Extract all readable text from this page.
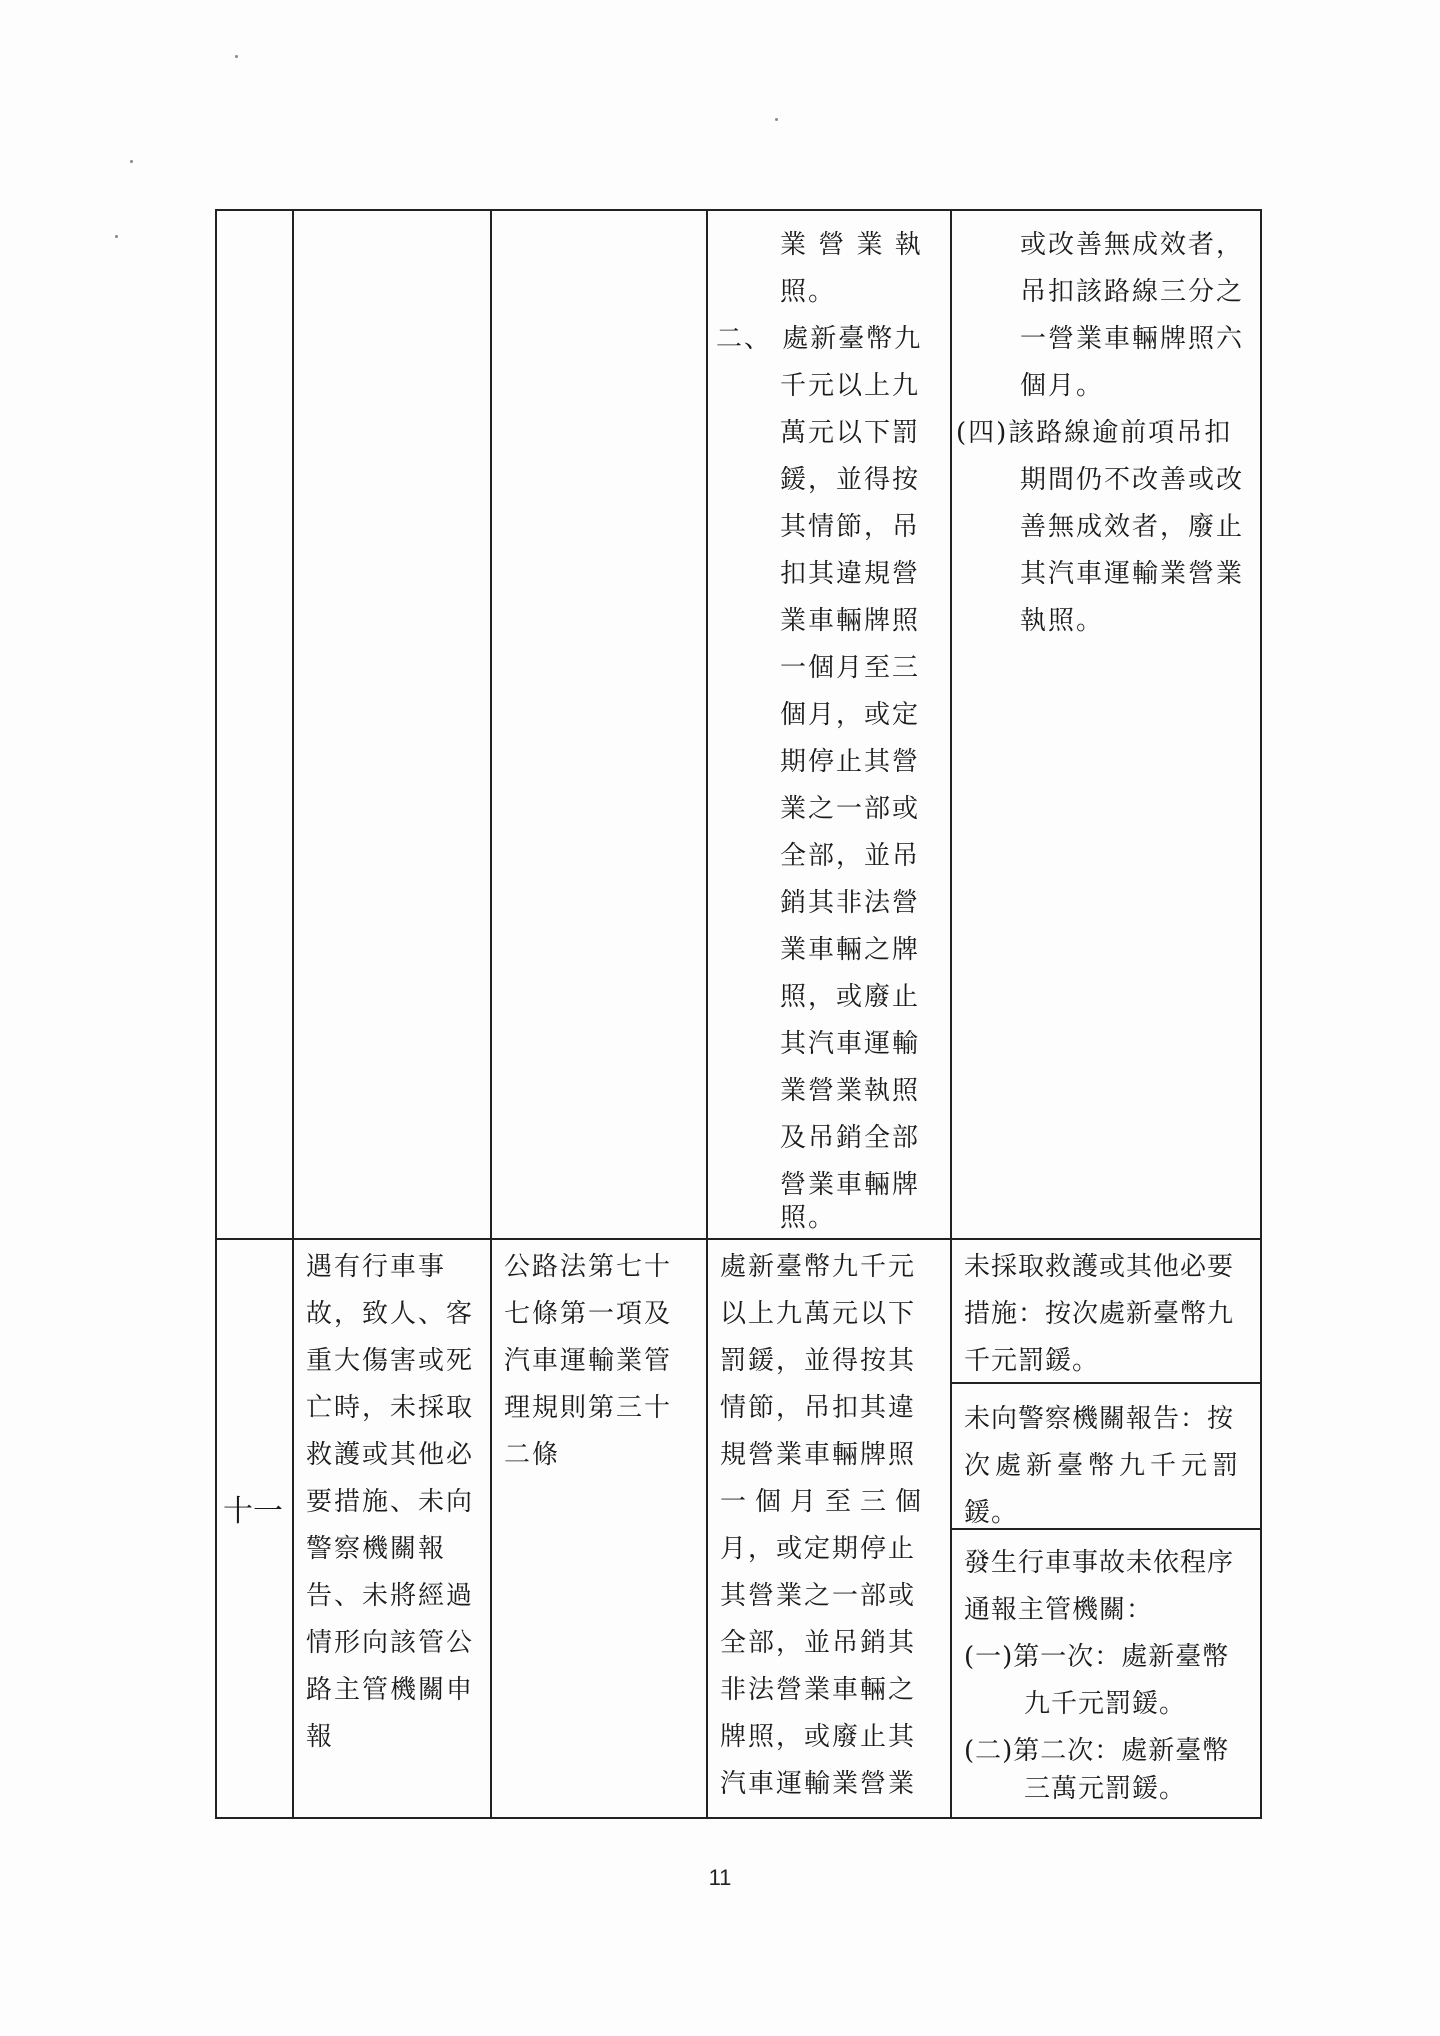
業 營 業 執
照。
二、 處新臺幣九
千元以上九
萬元以下罰
鍰，並得按
其情節，吊
扣其違規營
業車輛牌照
一個月至三
個月，或定
期停止其營
業之一部或
全部，並吊
銷其非法營
業車輛之牌
照，或廢止
其汽車運輸
業營業執照
及吊銷全部
營業車輛牌
照。
或改善無成效者，
吊扣該路線三分之
一營業車輛牌照六
個月。
(四)該路線逾前項吊扣
期間仍不改善或改
善無成效者，廢止
其汽車運輸業營業
執照。
十一
遇有行車事
故，致人、客
重大傷害或死
亡時，未採取
救護或其他必
要措施、未向
警察機關報
告、未將經過
情形向該管公
路主管機關申
報
公路法第七十
七條第一項及
汽車運輸業管
理規則第三十
二條
處新臺幣九千元
以上九萬元以下
罰鍰，並得按其
情節，吊扣其違
規營業車輛牌照
一個月至三個
月，或定期停止
其營業之一部或
全部，並吊銷其
非法營業車輛之
牌照，或廢止其
汽車運輸業營業
未採取救護或其他必要
措施：按次處新臺幣九
千元罰鍰。
未向警察機關報告：按
次處新臺幣九千元罰
鍰。
發生行車事故未依程序
通報主管機關：
(一)第一次：處新臺幣
九千元罰鍰。
(二)第二次：處新臺幣
三萬元罰鍰。
11
